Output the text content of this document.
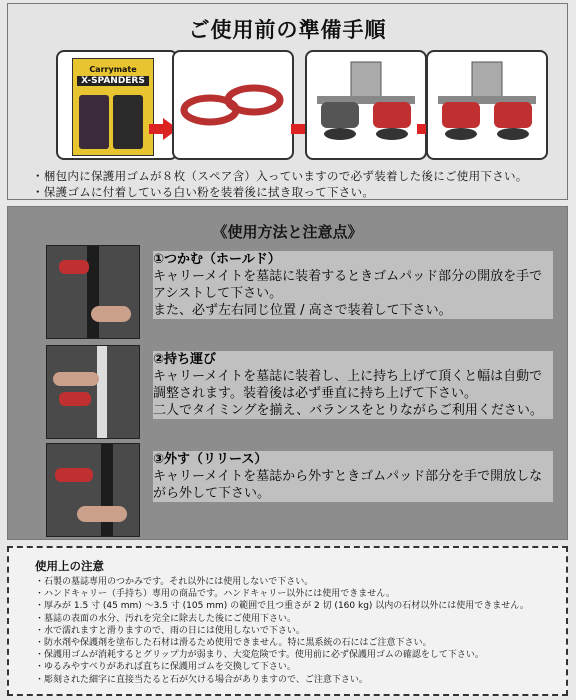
ご使用前の準備手順
Carrymate
X-SPANDERS
・梱包内に保護用ゴムが８枚（スペア含）入っていますので必ず装着した後にご使用下さい。
・保護ゴムに付着している白い粉を装着後に拭き取って下さい。
《使用方法と注意点》
①つかむ（ホールド）
キャリーメイトを墓誌に装着するときゴムパッド部分の開放を手でアシストして下さい。
また、必ず左右同じ位置 / 高さで装着して下さい。
②持ち運び
キャリーメイトを墓誌に装着し、上に持ち上げて頂くと幅は自動で調整されます。装着後は必ず垂直に持ち上げて下さい。
二人でタイミングを揃え、バランスをとりながらご利用ください。
③外す（リリース）
キャリーメイトを墓誌から外すときゴムパッド部分を手で開放しながら外して下さい。
使用上の注意
・石製の墓誌専用のつかみです。それ以外には使用しないで下さい。
・ハンドキャリー（手持ち）専用の商品です。ハンドキャリー以外には使用できません。
・厚みが 1.5 寸 (45 mm) ～3.5 寸 (105 mm) の範囲で且つ重さが 2 切 (160 kg) 以内の石材以外には使用できません。
・墓誌の表面の水分、汚れを完全に除去した後にご使用下さい。
・水で濡れますと滑りますので、雨の日には使用しないで下さい。
・防水剤や保護剤を塗布した石材は滑るため使用できません。特に黒系統の石にはご注意下さい。
・保護用ゴムが消耗するとグリップ力が弱まり、大変危険です。使用前に必ず保護用ゴムの確認をして下さい。
・ゆるみやすべりがあれば直ちに保護用ゴムを交換して下さい。
・彫刻された細字に直接当たると石が欠ける場合がありますので、ご注意下さい。
